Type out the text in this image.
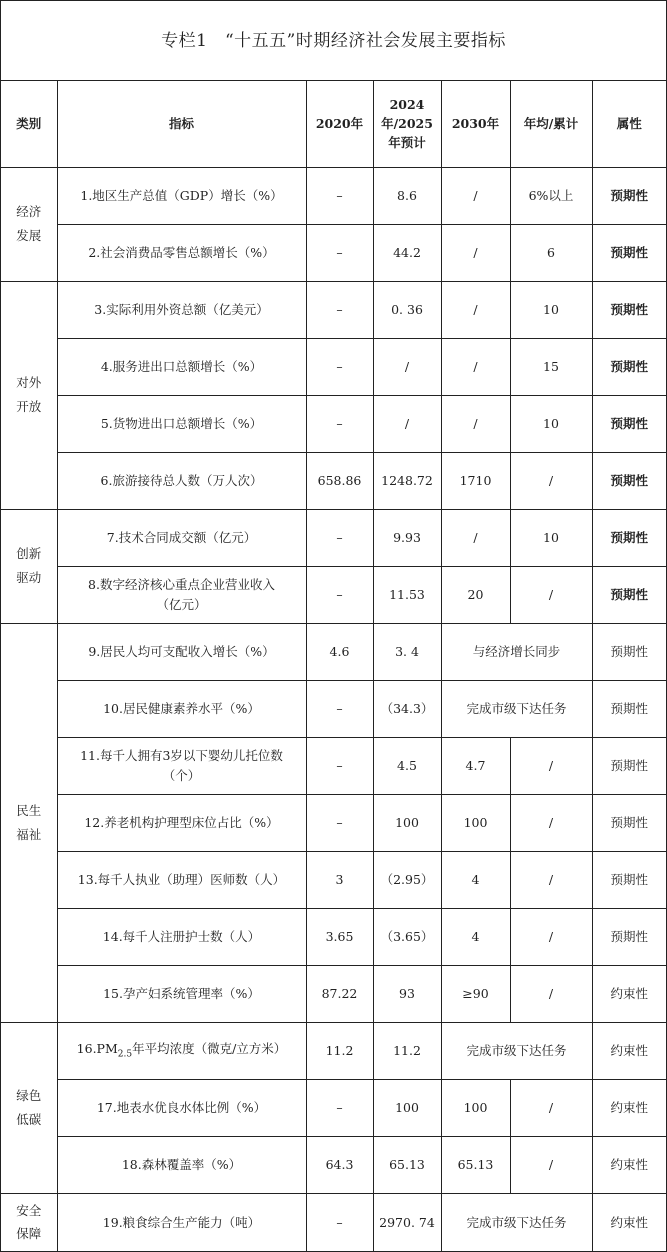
专栏1　“十五五”时期经济社会发展主要指标
类别	指标	2020年	2024
年/2025
年预计	2030年	年均/累计	属性
经济
发展	1.地区生产总值（GDP）增长（%）	–	8.6	/	6%以上	预期性
	2.社会消费品零售总额增长（%）	–	44.2	/	6	预期性
对外
开放	3.实际利用外资总额（亿美元）	–	0. 36	/	10	预期性
	4.服务进出口总额增长（%）	–	/	/	15	预期性
	5.货物进出口总额增长（%）	–	/	/	10	预期性
	6.旅游接待总人数（万人次）	658.86	1248.72	1710	/	预期性
创新
驱动	7.技术合同成交额（亿元）	–	9.93	/	10	预期性
	8.数字经济核心重点企业营业收入
（亿元）	–	11.53	20	/	预期性
民生
福祉	9.居民人均可支配收入增长（%）	4.6	3. 4	与经济增长同步		预期性
	10.居民健康素养水平（%）	–	（34.3）	完成市级下达任务		预期性
	11.每千人拥有3岁以下婴幼儿托位数
（个）	–	4.5	4.7	/	预期性
	12.养老机构护理型床位占比（%）	–	100	100	/	预期性
	13.每千人执业（助理）医师数（人）	3	（2.95）	4	/	预期性
	14.每千人注册护士数（人）	3.65	（3.65）	4	/	预期性
	15.孕产妇系统管理率（%）	87.22	93	≥90	/	约束性
绿色
低碳	$16.PM_{2.5}$年平均浓度（微克/立方米）	11.2	11.2	完成市级下达任务		约束性
	17.地表水优良水体比例（%）	–	100	100	/	约束性
	18.森林覆盖率（%）	64.3	65.13	65.13	/	约束性
安全
保障	19.粮食综合生产能力（吨）	–	2970. 74	完成市级下达任务		约束性
